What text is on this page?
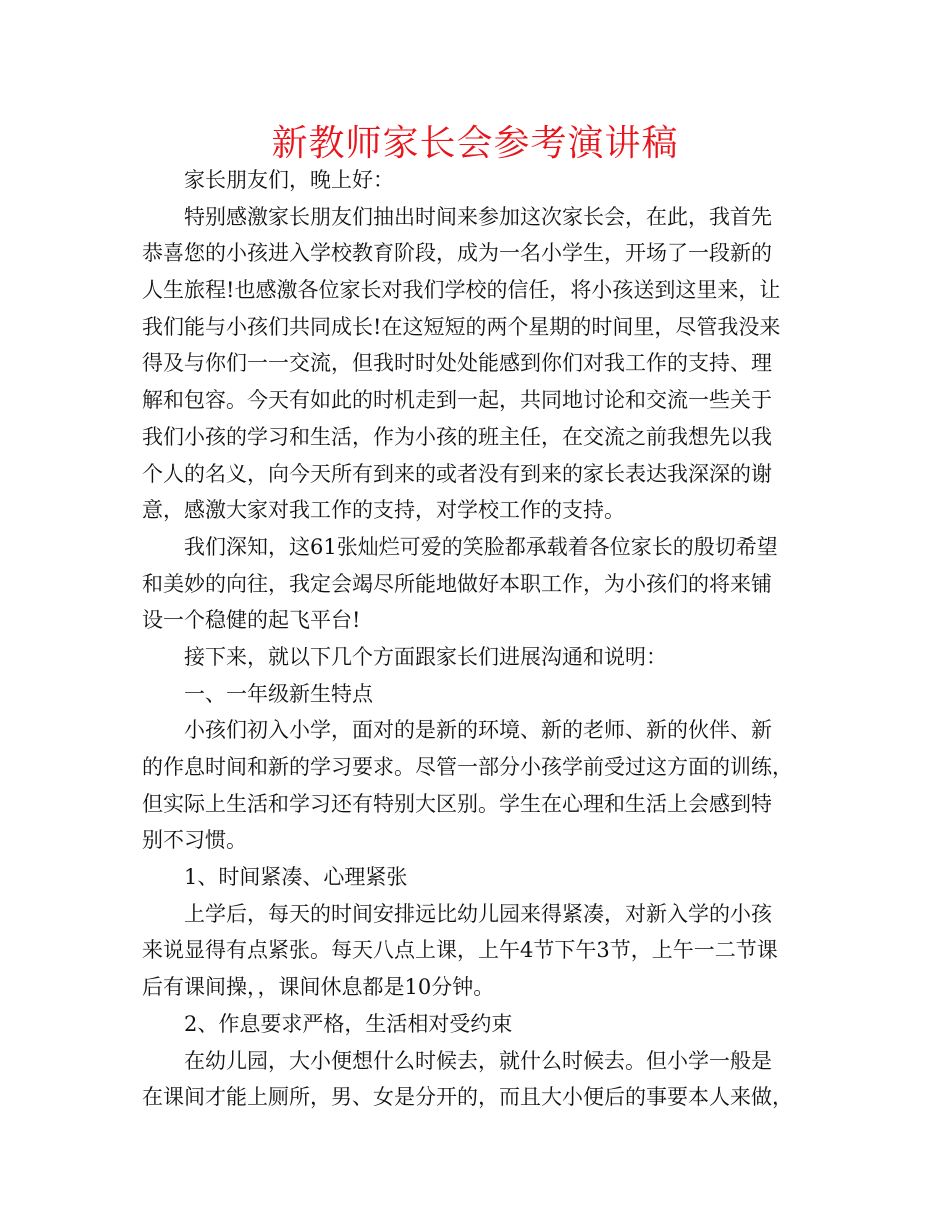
新教师家长会参考演讲稿
家长朋友们，晚上好：
特别感激家长朋友们抽出时间来参加这次家长会，在此，我首先
恭喜您的小孩进入学校教育阶段，成为一名小学生，开场了一段新的
人生旅程!也感激各位家长对我们学校的信任，将小孩送到这里来，让
我们能与小孩们共同成长!在这短短的两个星期的时间里，尽管我没来
得及与你们一一交流，但我时时处处能感到你们对我工作的支持、理
解和包容。今天有如此的时机走到一起，共同地讨论和交流一些关于
我们小孩的学习和生活，作为小孩的班主任，在交流之前我想先以我
个人的名义，向今天所有到来的或者没有到来的家长表达我深深的谢
意，感激大家对我工作的支持，对学校工作的支持。
我们深知，这61张灿烂可爱的笑脸都承载着各位家长的殷切希望
和美妙的向往，我定会竭尽所能地做好本职工作，为小孩们的将来铺
设一个稳健的起飞平台!
接下来，就以下几个方面跟家长们进展沟通和说明：
一、一年级新生特点
小孩们初入小学，面对的是新的环境、新的老师、新的伙伴、新
的作息时间和新的学习要求。尽管一部分小孩学前受过这方面的训练，
但实际上生活和学习还有特别大区别。学生在心理和生活上会感到特
别不习惯。
1、时间紧凑、心理紧张
上学后，每天的时间安排远比幼儿园来得紧凑，对新入学的小孩
来说显得有点紧张。每天八点上课，上午4节下午3节，上午一二节课
后有课间操，，课间休息都是10分钟。
2、作息要求严格，生活相对受约束
在幼儿园，大小便想什么时候去，就什么时候去。但小学一般是
在课间才能上厕所，男、女是分开的，而且大小便后的事要本人来做，
